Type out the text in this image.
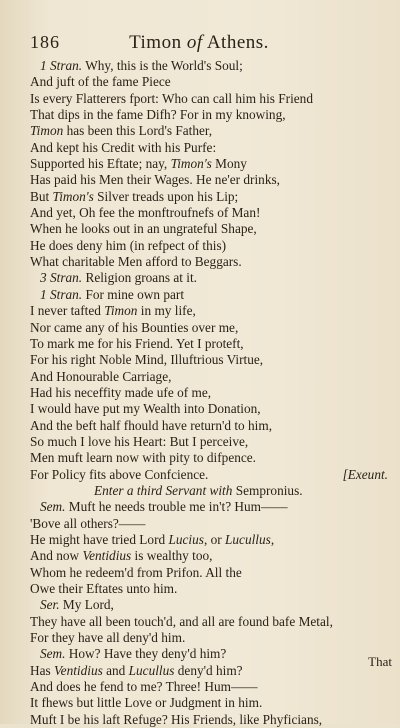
186	Timon of Athens.
1 Stran. Why, this is the World's Soul;
And juft of the fame Piece
Is every Flatterers fport: Who can call him his Friend
That dips in the fame Difh? For in my knowing,
Timon has been this Lord's Father,
And kept his Credit with his Purfe:
Supported his Eftate; nay, Timon's Mony
Has paid his Men their Wages. He ne'er drinks,
But Timon's Silver treads upon his Lip;
And yet, Oh fee the monftroufnefs of Man!
When he looks out in an ungrateful Shape,
He does deny him (in refpect of this)
What charitable Men afford to Beggars.
3 Stran. Religion groans at it.
1 Stran. For mine own part
I never tafted Timon in my life,
Nor came any of his Bounties over me,
To mark me for his Friend. Yet I proteft,
For his right Noble Mind, Illuftrious Virtue,
And Honourable Carriage,
Had his neceffity made ufe of me,
I would have put my Wealth into Donation,
And the beft half fhould have return'd to him,
So much I love his Heart: But I perceive,
Men muft learn now with pity to difpence.
For Policy fits above Confcience.	[Exeunt.
Enter a third Servant with Sempronius.
Sem. Muft he needs trouble me in't? Hum——
'Bove all others?——
He might have tried Lord Lucius, or Lucullus,
And now Ventidius is wealthy too,
Whom he redeem'd from Prifon. All the
Owe their Eftates unto him.
Ser. My Lord,
They have all been touch'd, and all are found bafe Metal,
For they have all deny'd him.
Sem. How? Have they deny'd him?
Has Ventidius and Lucullus deny'd him?
And does he fend to me? Three! Hum——
It fhews but little Love or Judgment in him.
Muft I be his laft Refuge? His Friends, like Phyficians,
That
